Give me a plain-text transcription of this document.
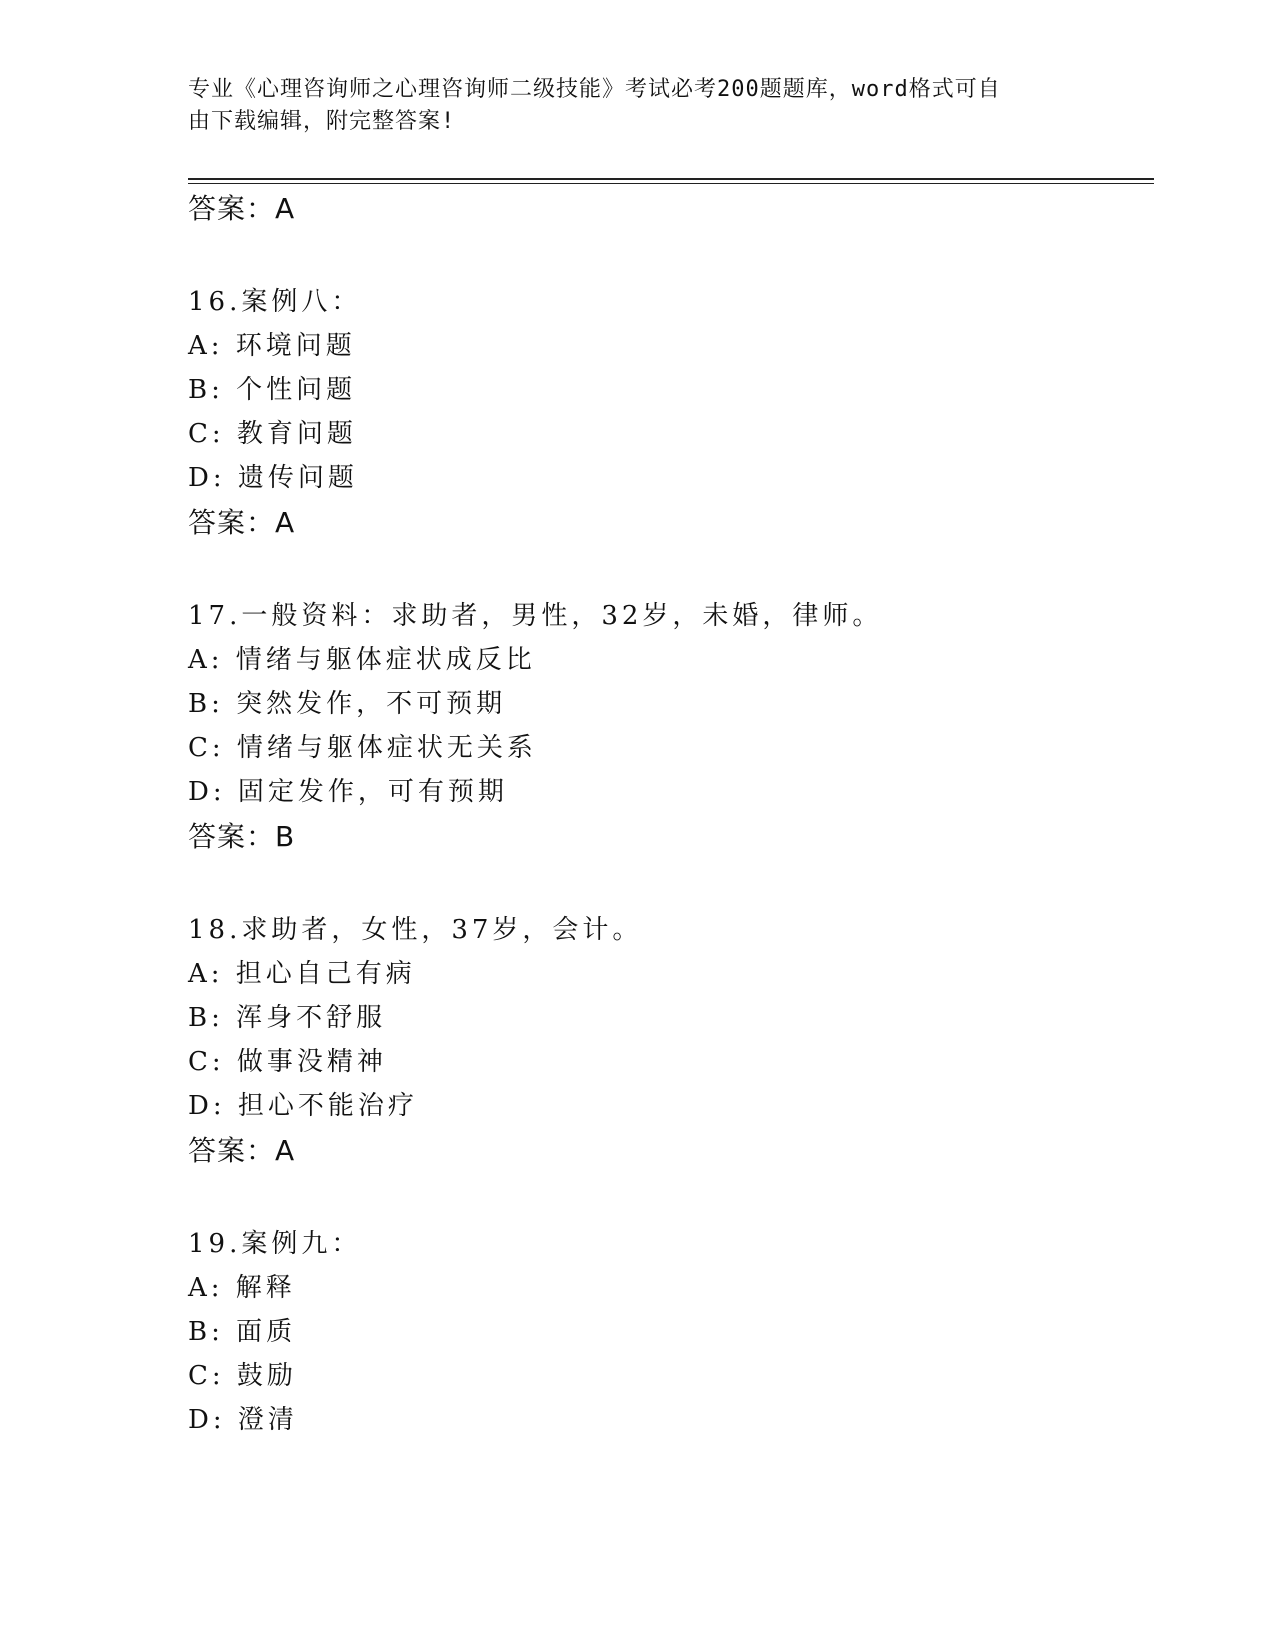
专业《心理咨询师之心理咨询师二级技能》考试必考200题题库，word格式可自
由下载编辑，附完整答案!
答案：A
16.案例八：
A: 环境问题
B: 个性问题
C: 教育问题
D: 遗传问题
答案：A
17.一般资料：求助者，男性，32岁，未婚，律师。
A: 情绪与躯体症状成反比
B: 突然发作，不可预期
C: 情绪与躯体症状无关系
D: 固定发作，可有预期
答案：B
18.求助者，女性，37岁，会计。
A: 担心自己有病
B: 浑身不舒服
C: 做事没精神
D: 担心不能治疗
答案：A
19.案例九：
A: 解释
B: 面质
C: 鼓励
D: 澄清
